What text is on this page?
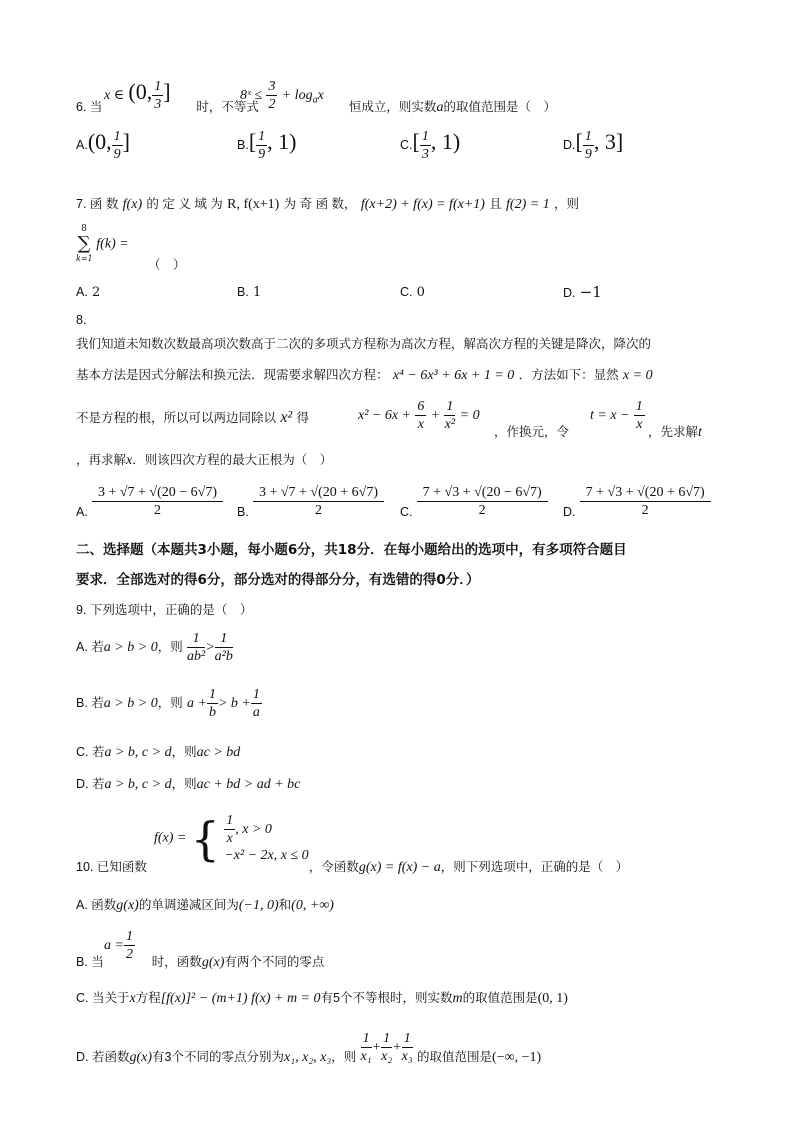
x ∈ (0, $\frac{1}{3}$ ]	8ˣ ≤ $\frac{3}{2} + \log_ax$
6. 当	时，不等式	恒成立，则实数a的取值范围是（　）
A.(0, $\frac{1}{9}$ ]	$B.[ \frac{1}{9}$ , 1)	$C.[ \frac{1}{3}$ , 1)	$D.[ \frac{1}{9}$ , 3]
7. 函 数 f(x) 的 定 义 域 为 R, f(x+1) 为 奇 函 数， f(x+2) + f(x) = f(x+1) 且 f(2) = 1 ，则
8
∑
k=1
f(k) =
（　）
A. 2	B. 1	C. 0	D. −1
8.
我们知道未知数次数最高项次数高于二次的多项式方程称为高次方程，解高次方程的关键是降次，降次的
基本方法是因式分解法和换元法．现需要求解四次方程： x⁴ − 6x³ + 6x + 1 = 0 ．方法如下：显然 x = 0
不是方程的根，所以可以两边同除以 x² 得	$x^2 - 6x + \frac{6}{x} + \frac{1}{\text{x²}} = 0$
，作换元，令
$t = x - \frac{1}{x}$ ，先求解t
，再求解x．则该四次方程的最大正根为（　）
A. $\frac{3 + √7 + √(20 - 6√7)}{2} B$. $\frac{3 + √7 + √(20 + 6√7)}{2} C$. $\frac{7 + √3 + √(20 - 6√7)}{2} D$. $\frac{7 + √3 + √(20 + 6√7)}{2}$
二、选择题（本题共3小题，每小题6分，共18分．在每小题给出的选项中，有多项符合题目
要求．全部选对的得6分，部分选对的得部分分，有选错的得0分．）
9. 下列选项中，正确的是（　）
A. 若a > b > 0，则 $\frac{1}{\text{ab²}} > \frac{1}{\text{a²b}}$
B. 若a > b > 0，则 $a + \frac{1}{b} > b + \frac{1}{a}$
C. 若a > b, c > d，则ac > bd
D. 若a > b, c > d，则ac + bd > ad + bc
f(x) = { $\frac{1}{x}$ , x > 0
−x² − 2x, x ≤ 0
10. 已知函数	，令函数g(x) = f(x) − a，则下列选项中，正确的是（　）
A. 函数g(x)的单调递减区间为(−1, 0)和(0, +∞)
$a = \frac{1}{2}$
B. 当	时，函数g(x)有两个不同的零点
C. 当关于x方程[f(x)]² − (m+1) f(x) + m = 0有5个不等根时，则实数m的取值范围是(0, 1)
D. 若函数g(x)有3个不同的零点分别为x₁, x₂, x₃，则 $\frac{1}{\text{x₁}} + \frac{1}{\text{x₂}} + \frac{1}{\text{x₃}}$ 的取值范围是(−∞, −1)
